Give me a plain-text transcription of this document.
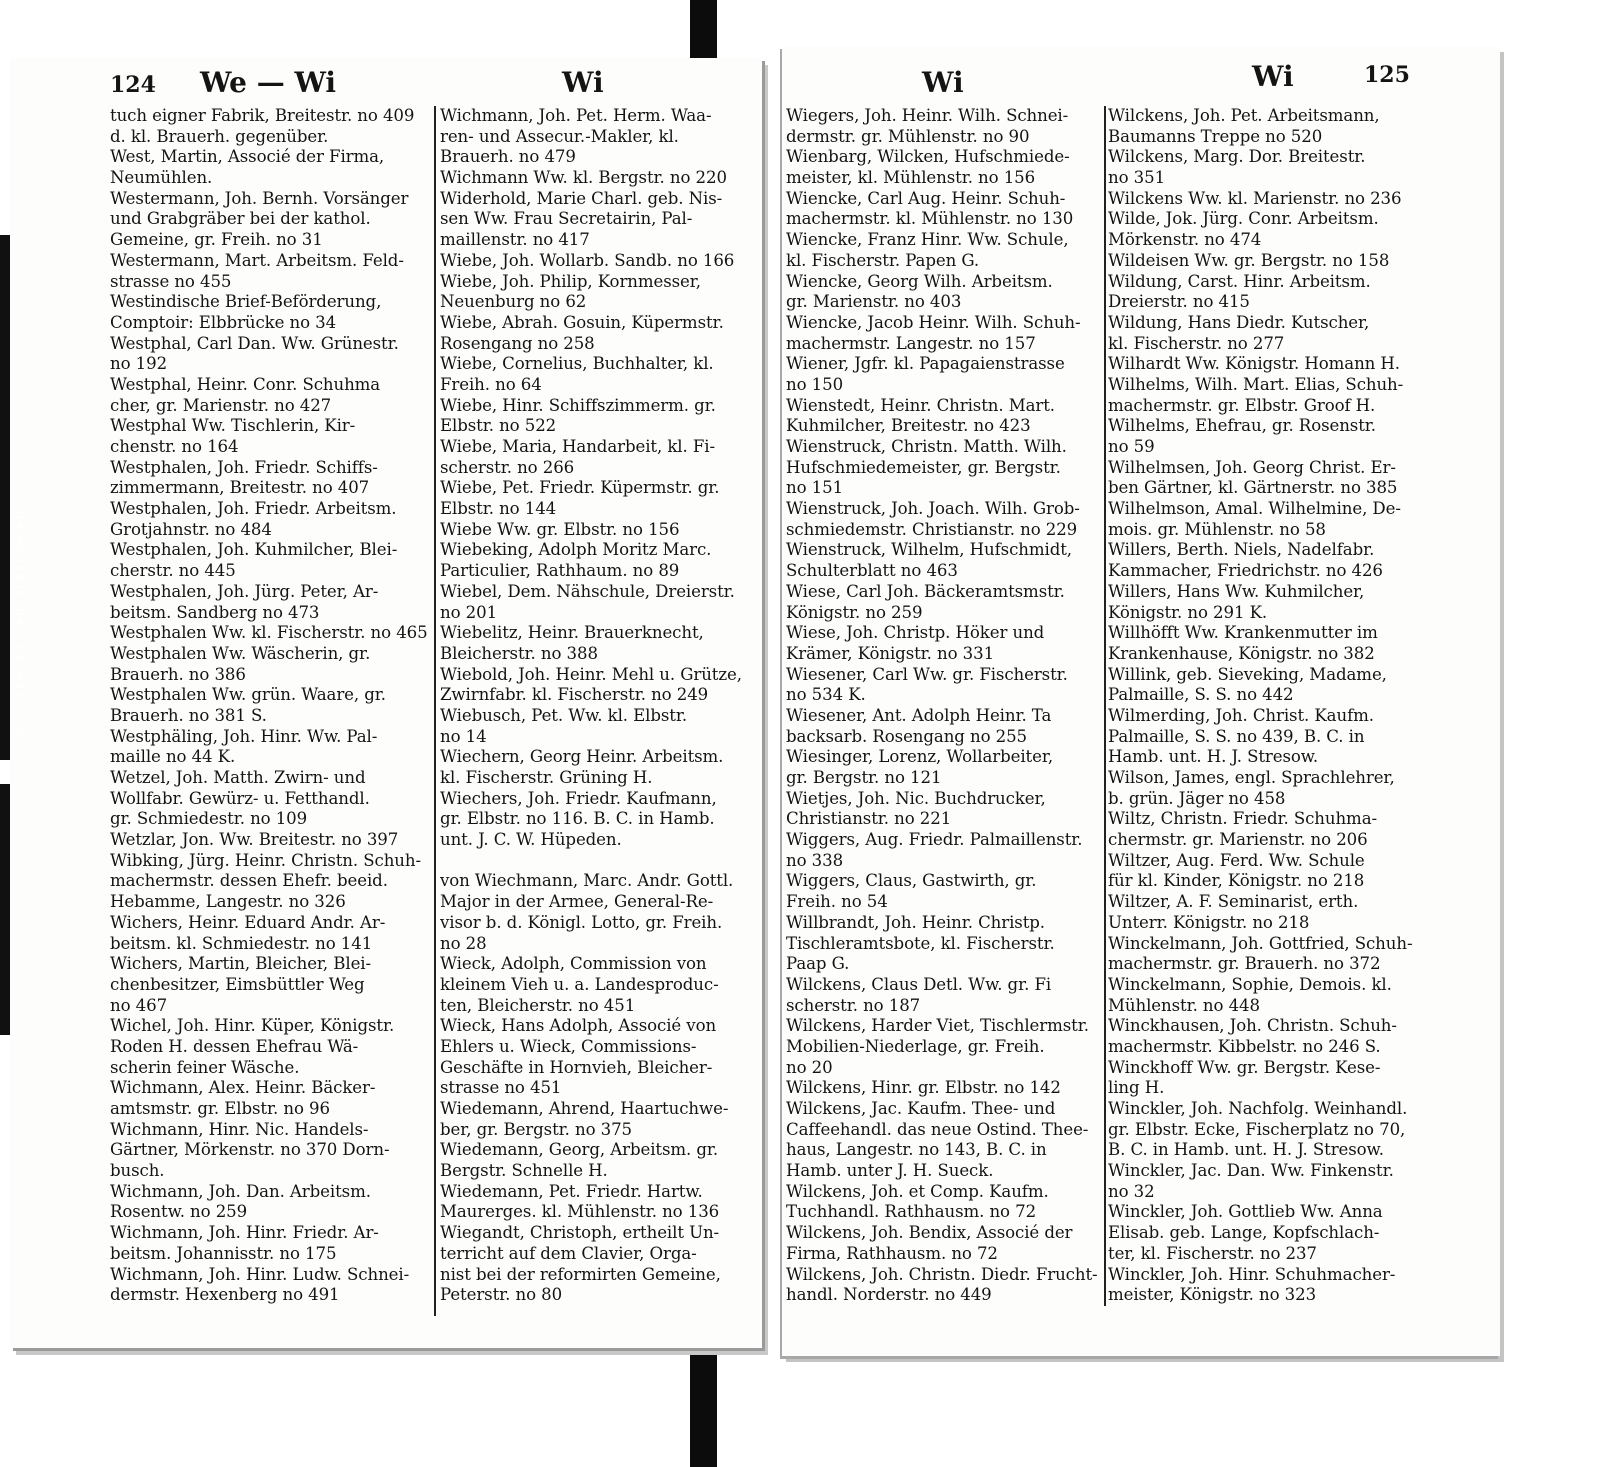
124 We — Wi	Wi
tuch eigner Fabrik, Breitestr. no 409
d. kl. Brauerh. gegenüber.
West, Martin, Associé der Firma,
Neumühlen.
Westermann, Joh. Bernh. Vorsänger
und Grabgräber bei der kathol.
Gemeine, gr. Freih. no 31
Westermann, Mart. Arbeitsm. Feld-
strasse no 455
Westindische Brief-Beförderung,
Comptoir: Elbbrücke no 34
Westphal, Carl Dan. Ww. Grünestr.
no 192
Westphal, Heinr. Conr. Schuhma
cher, gr. Marienstr. no 427
Westphal Ww. Tischlerin, Kir-
chenstr. no 164
Westphalen, Joh. Friedr. Schiffs-
zimmermann, Breitestr. no 407
Westphalen, Joh. Friedr. Arbeitsm.
Grotjahnstr. no 484
Westphalen, Joh. Kuhmilcher, Blei-
cherstr. no 445
Westphalen, Joh. Jürg. Peter, Ar-
beitsm. Sandberg no 473
Westphalen Ww. kl. Fischerstr. no 465
Westphalen Ww. Wäscherin, gr.
Brauerh. no 386
Westphalen Ww. grün. Waare, gr.
Brauerh. no 381 S.
Westphäling, Joh. Hinr. Ww. Pal-
maille no 44 K.
Wetzel, Joh. Matth. Zwirn- und
Wollfabr. Gewürz- u. Fetthandl.
gr. Schmiedestr. no 109
Wetzlar, Jon. Ww. Breitestr. no 397
Wibking, Jürg. Heinr. Christn. Schuh-
machermstr. dessen Ehefr. beeid.
Hebamme, Langestr. no 326
Wichers, Heinr. Eduard Andr. Ar-
beitsm. kl. Schmiedestr. no 141
Wichers, Martin, Bleicher, Blei-
chenbesitzer, Eimsbüttler Weg
no 467
Wichel, Joh. Hinr. Küper, Königstr.
Roden H. dessen Ehefrau Wä-
scherin feiner Wäsche.
Wichmann, Alex. Heinr. Bäcker-
amtsmstr. gr. Elbstr. no 96
Wichmann, Hinr. Nic. Handels-
Gärtner, Mörkenstr. no 370 Dorn-
busch.
Wichmann, Joh. Dan. Arbeitsm.
Rosentw. no 259
Wichmann, Joh. Hinr. Friedr. Ar-
beitsm. Johannisstr. no 175
Wichmann, Joh. Hinr. Ludw. Schnei-
dermstr. Hexenberg no 491
Wichmann, Joh. Pet. Herm. Waa-
ren- und Assecur.-Makler, kl.
Brauerh. no 479
Wichmann Ww. kl. Bergstr. no 220
Widerhold, Marie Charl. geb. Nis-
sen Ww. Frau Secretairin, Pal-
maillenstr. no 417
Wiebe, Joh. Wollarb. Sandb. no 166
Wiebe, Joh. Philip, Kornmesser,
Neuenburg no 62
Wiebe, Abrah. Gosuin, Küpermstr.
Rosengang no 258
Wiebe, Cornelius, Buchhalter, kl.
Freih. no 64
Wiebe, Hinr. Schiffszimmerm. gr.
Elbstr. no 522
Wiebe, Maria, Handarbeit, kl. Fi-
scherstr. no 266
Wiebe, Pet. Friedr. Küpermstr. gr.
Elbstr. no 144
Wiebe Ww. gr. Elbstr. no 156
Wiebeking, Adolph Moritz Marc.
Particulier, Rathhaum. no 89
Wiebel, Dem. Nähschule, Dreierstr.
no 201
Wiebelitz, Heinr. Brauerknecht,
Bleicherstr. no 388
Wiebold, Joh. Heinr. Mehl u. Grütze,
Zwirnfabr. kl. Fischerstr. no 249
Wiebusch, Pet. Ww. kl. Elbstr.
no 14
Wiechern, Georg Heinr. Arbeitsm.
kl. Fischerstr. Grüning H.
Wiechers, Joh. Friedr. Kaufmann,
gr. Elbstr. no 116. B. C. in Hamb.
unt. J. C. W. Hüpeden.
von Wiechmann, Marc. Andr. Gottl.
Major in der Armee, General-Re-
visor b. d. Königl. Lotto, gr. Freih.
no 28
Wieck, Adolph, Commission von
kleinem Vieh u. a. Landesproduc-
ten, Bleicherstr. no 451
Wieck, Hans Adolph, Associé von
Ehlers u. Wieck, Commissions-
Geschäfte in Hornvieh, Bleicher-
strasse no 451
Wiedemann, Ahrend, Haartuchwe-
ber, gr. Bergstr. no 375
Wiedemann, Georg, Arbeitsm. gr.
Bergstr. Schnelle H.
Wiedemann, Pet. Friedr. Hartw.
Maurerges. kl. Mühlenstr. no 136
Wiegandt, Christoph, ertheilt Un-
terricht auf dem Clavier, Orga-
nist bei der reformirten Gemeine,
Peterstr. no 80
Wi	Wi	125
Wiegers, Joh. Heinr. Wilh. Schnei-
dermstr. gr. Mühlenstr. no 90
Wienbarg, Wilcken, Hufschmiede-
meister, kl. Mühlenstr. no 156
Wiencke, Carl Aug. Heinr. Schuh-
machermstr. kl. Mühlenstr. no 130
Wiencke, Franz Hinr. Ww. Schule,
kl. Fischerstr. Papen G.
Wiencke, Georg Wilh. Arbeitsm.
gr. Marienstr. no 403
Wiencke, Jacob Heinr. Wilh. Schuh-
machermstr. Langestr. no 157
Wiener, Jgfr. kl. Papagaienstrasse
no 150
Wienstedt, Heinr. Christn. Mart.
Kuhmilcher, Breitestr. no 423
Wienstruck, Christn. Matth. Wilh.
Hufschmiedemeister, gr. Bergstr.
no 151
Wienstruck, Joh. Joach. Wilh. Grob-
schmiedemstr. Christianstr. no 229
Wienstruck, Wilhelm, Hufschmidt,
Schulterblatt no 463
Wiese, Carl Joh. Bäckeramtsmstr.
Königstr. no 259
Wiese, Joh. Christp. Höker und
Krämer, Königstr. no 331
Wiesener, Carl Ww. gr. Fischerstr.
no 534 K.
Wiesener, Ant. Adolph Heinr. Ta
backsarb. Rosengang no 255
Wiesinger, Lorenz, Wollarbeiter,
gr. Bergstr. no 121
Wietjes, Joh. Nic. Buchdrucker,
Christianstr. no 221
Wiggers, Aug. Friedr. Palmaillenstr.
no 338
Wiggers, Claus, Gastwirth, gr.
Freih. no 54
Willbrandt, Joh. Heinr. Christp.
Tischleramtsbote, kl. Fischerstr.
Paap G.
Wilckens, Claus Detl. Ww. gr. Fi
scherstr. no 187
Wilckens, Harder Viet, Tischlermstr.
Mobilien-Niederlage, gr. Freih.
no 20
Wilckens, Hinr. gr. Elbstr. no 142
Wilckens, Jac. Kaufm. Thee- und
Caffeehandl. das neue Ostind. Thee-
haus, Langestr. no 143, B. C. in
Hamb. unter J. H. Sueck.
Wilckens, Joh. et Comp. Kaufm.
Tuchhandl. Rathhausm. no 72
Wilckens, Joh. Bendix, Associé der
Firma, Rathhausm. no 72
Wilckens, Joh. Christn. Diedr. Frucht-
handl. Norderstr. no 449
Wilckens, Joh. Pet. Arbeitsmann,
Baumanns Treppe no 520
Wilckens, Marg. Dor. Breitestr.
no 351
Wilckens Ww. kl. Marienstr. no 236
Wilde, Jok. Jürg. Conr. Arbeitsm.
Mörkenstr. no 474
Wildeisen Ww. gr. Bergstr. no 158
Wildung, Carst. Hinr. Arbeitsm.
Dreierstr. no 415
Wildung, Hans Diedr. Kutscher,
kl. Fischerstr. no 277
Wilhardt Ww. Königstr. Homann H.
Wilhelms, Wilh. Mart. Elias, Schuh-
machermstr. gr. Elbstr. Groof H.
Wilhelms, Ehefrau, gr. Rosenstr.
no 59
Wilhelmsen, Joh. Georg Christ. Er-
ben Gärtner, kl. Gärtnerstr. no 385
Wilhelmson, Amal. Wilhelmine, De-
mois. gr. Mühlenstr. no 58
Willers, Berth. Niels, Nadelfabr.
Kammacher, Friedrichstr. no 426
Willers, Hans Ww. Kuhmilcher,
Königstr. no 291 K.
Willhöfft Ww. Krankenmutter im
Krankenhause, Königstr. no 382
Willink, geb. Sieveking, Madame,
Palmaille, S. S. no 442
Wilmerding, Joh. Christ. Kaufm.
Palmaille, S. S. no 439, B. C. in
Hamb. unt. H. J. Stresow.
Wilson, James, engl. Sprachlehrer,
b. grün. Jäger no 458
Wiltz, Christn. Friedr. Schuhma-
chermstr. gr. Marienstr. no 206
Wiltzer, Aug. Ferd. Ww. Schule
für kl. Kinder, Königstr. no 218
Wiltzer, A. F. Seminarist, erth.
Unterr. Königstr. no 218
Winckelmann, Joh. Gottfried, Schuh-
machermstr. gr. Brauerh. no 372
Winckelmann, Sophie, Demois. kl.
Mühlenstr. no 448
Winckhausen, Joh. Christn. Schuh-
machermstr. Kibbelstr. no 246 S.
Winckhoff Ww. gr. Bergstr. Kese-
ling H.
Winckler, Joh. Nachfolg. Weinhandl.
gr. Elbstr. Ecke, Fischerplatz no 70,
B. C. in Hamb. unt. H. J. Stresow.
Winckler, Jac. Dan. Ww. Finkenstr.
no 32
Winckler, Joh. Gottlieb Ww. Anna
Elisab. geb. Lange, Kopfschlach-
ter, kl. Fischerstr. no 237
Winckler, Joh. Hinr. Schuhmacher-
meister, Königstr. no 323
Hamburgisches Adressbuch
